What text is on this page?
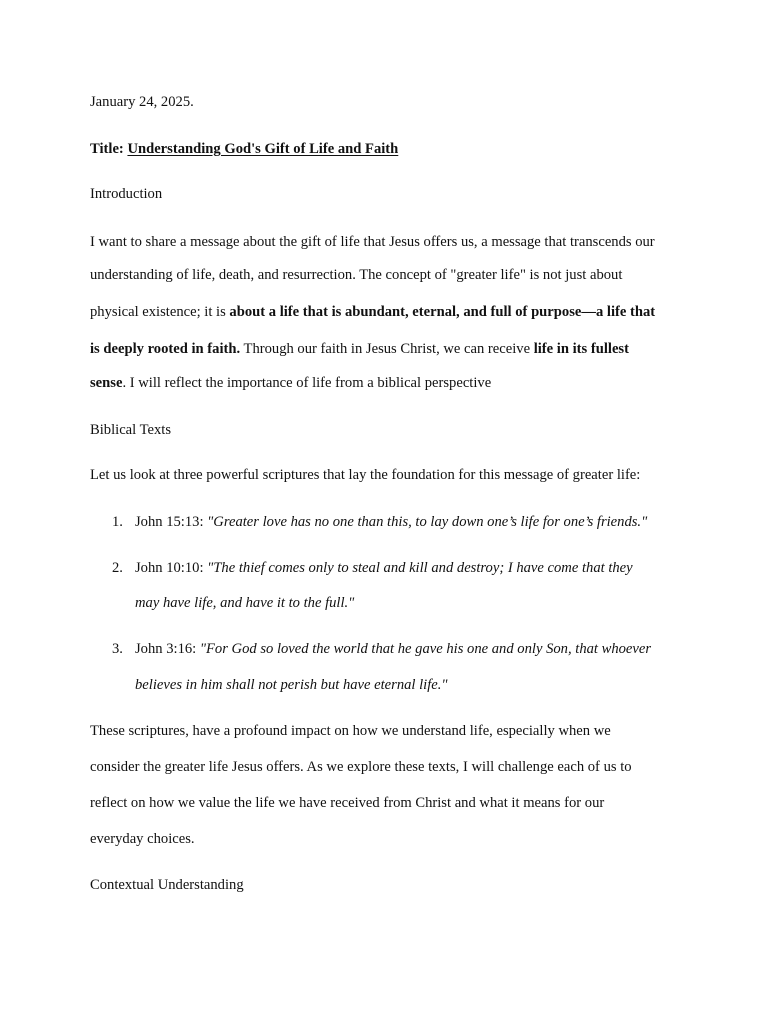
January 24, 2025.
Title: Understanding God's Gift of Life and Faith
Introduction
I want to share a message about the gift of life that Jesus offers us, a message that transcends our
understanding of life, death, and resurrection. The concept of "greater life" is not just about
physical existence; it is about a life that is abundant, eternal, and full of purpose—a life that
is deeply rooted in faith. Through our faith in Jesus Christ, we can receive life in its fullest
sense. I will reflect the importance of life from a biblical perspective
Biblical Texts
Let us look at three powerful scriptures that lay the foundation for this message of greater life:
1. John 15:13: "Greater love has no one than this, to lay down one’s life for one’s friends."
2. John 10:10: "The thief comes only to steal and kill and destroy; I have come that they
may have life, and have it to the full."
3. John 3:16: "For God so loved the world that he gave his one and only Son, that whoever
believes in him shall not perish but have eternal life."
These scriptures, have a profound impact on how we understand life, especially when we
consider the greater life Jesus offers. As we explore these texts, I will challenge each of us to
reflect on how we value the life we have received from Christ and what it means for our
everyday choices.
Contextual Understanding
